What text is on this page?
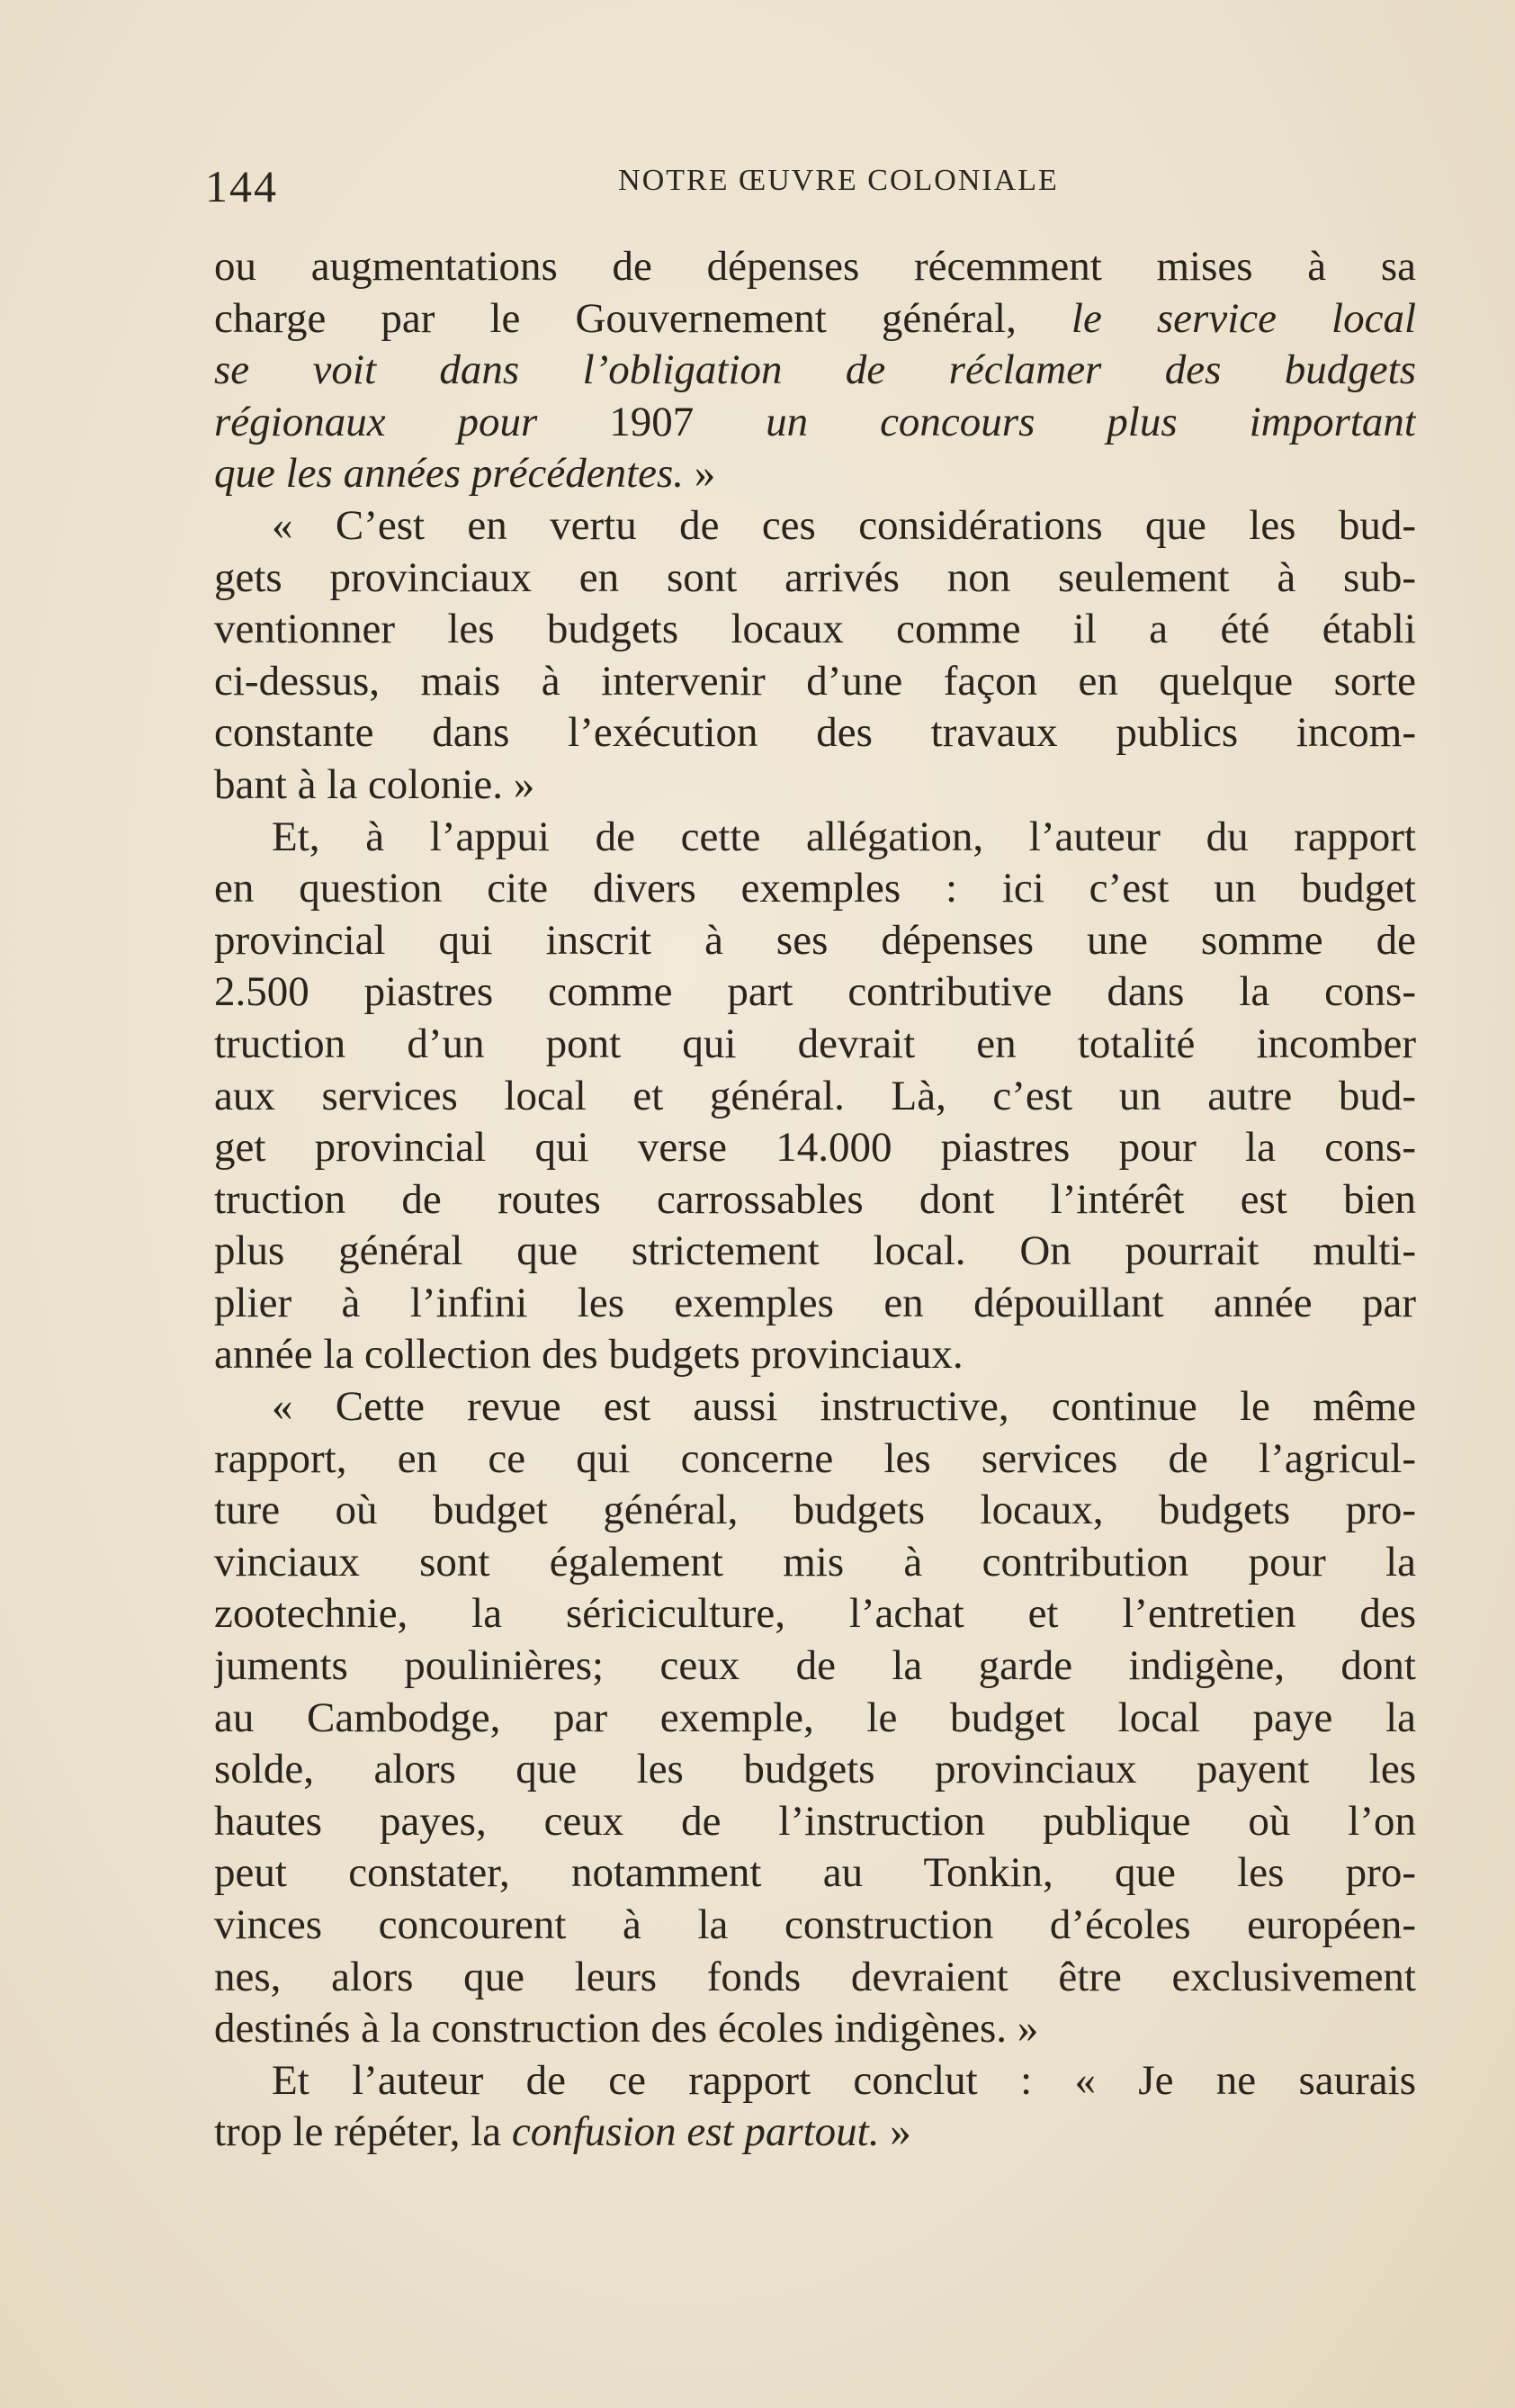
144	NOTRE ŒUVRE COLONIALE
ou augmentations de dépenses récemment mises à sa
charge par le Gouvernement général, le service local
se voit dans l’obligation de réclamer des budgets
régionaux pour 1907 un concours plus important
que les années précédentes. »
« C’est en vertu de ces considérations que les bud-
gets provinciaux en sont arrivés non seulement à sub-
ventionner les budgets locaux comme il a été établi
ci-dessus, mais à intervenir d’une façon en quelque sorte
constante dans l’exécution des travaux publics incom-
bant à la colonie. »
Et, à l’appui de cette allégation, l’auteur du rapport
en question cite divers exemples : ici c’est un budget
provincial qui inscrit à ses dépenses une somme de
2.500 piastres comme part contributive dans la cons-
truction d’un pont qui devrait en totalité incomber
aux services local et général. Là, c’est un autre bud-
get provincial qui verse 14.000 piastres pour la cons-
truction de routes carrossables dont l’intérêt est bien
plus général que strictement local. On pourrait multi-
plier à l’infini les exemples en dépouillant année par
année la collection des budgets provinciaux.
« Cette revue est aussi instructive, continue le même
rapport, en ce qui concerne les services de l’agricul-
ture où budget général, budgets locaux, budgets pro-
vinciaux sont également mis à contribution pour la
zootechnie, la sériciculture, l’achat et l’entretien des
juments poulinières; ceux de la garde indigène, dont
au Cambodge, par exemple, le budget local paye la
solde, alors que les budgets provinciaux payent les
hautes payes, ceux de l’instruction publique où l’on
peut constater, notamment au Tonkin, que les pro-
vinces concourent à la construction d’écoles européen-
nes, alors que leurs fonds devraient être exclusivement
destinés à la construction des écoles indigènes. »
Et l’auteur de ce rapport conclut : « Je ne saurais
trop le répéter, la confusion est partout. »
